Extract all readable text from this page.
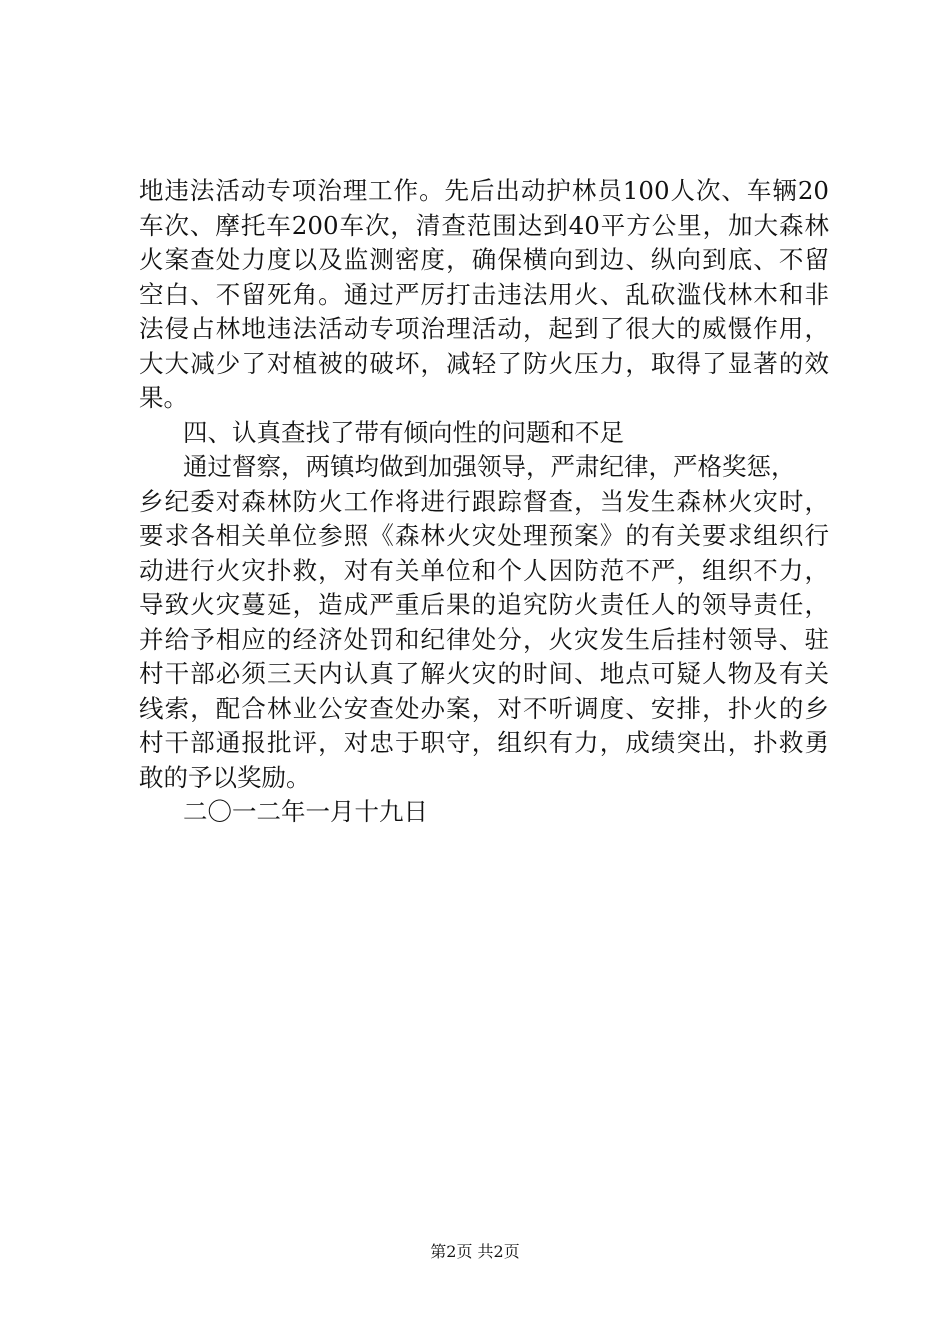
地违法活动专项治理工作。先后出动护林员100人次、车辆20
车次、摩托车200车次，清查范围达到40平方公里，加大森林
火案查处力度以及监测密度，确保横向到边、纵向到底、不留
空白、不留死角。通过严厉打击违法用火、乱砍滥伐林木和非
法侵占林地违法活动专项治理活动，起到了很大的威慑作用，
大大减少了对植被的破坏，减轻了防火压力，取得了显著的效
果。
四、认真查找了带有倾向性的问题和不足
通过督察，两镇均做到加强领导，严肃纪律，严格奖惩，
乡纪委对森林防火工作将进行跟踪督查，当发生森林火灾时，
要求各相关单位参照《森林火灾处理预案》的有关要求组织行
动进行火灾扑救，对有关单位和个人因防范不严，组织不力，
导致火灾蔓延，造成严重后果的追究防火责任人的领导责任，
并给予相应的经济处罚和纪律处分，火灾发生后挂村领导、驻
村干部必须三天内认真了解火灾的时间、地点可疑人物及有关
线索，配合林业公安查处办案，对不听调度、安排，扑火的乡
村干部通报批评，对忠于职守，组织有力，成绩突出，扑救勇
敢的予以奖励。
二〇一二年一月十九日
第2页 共2页
